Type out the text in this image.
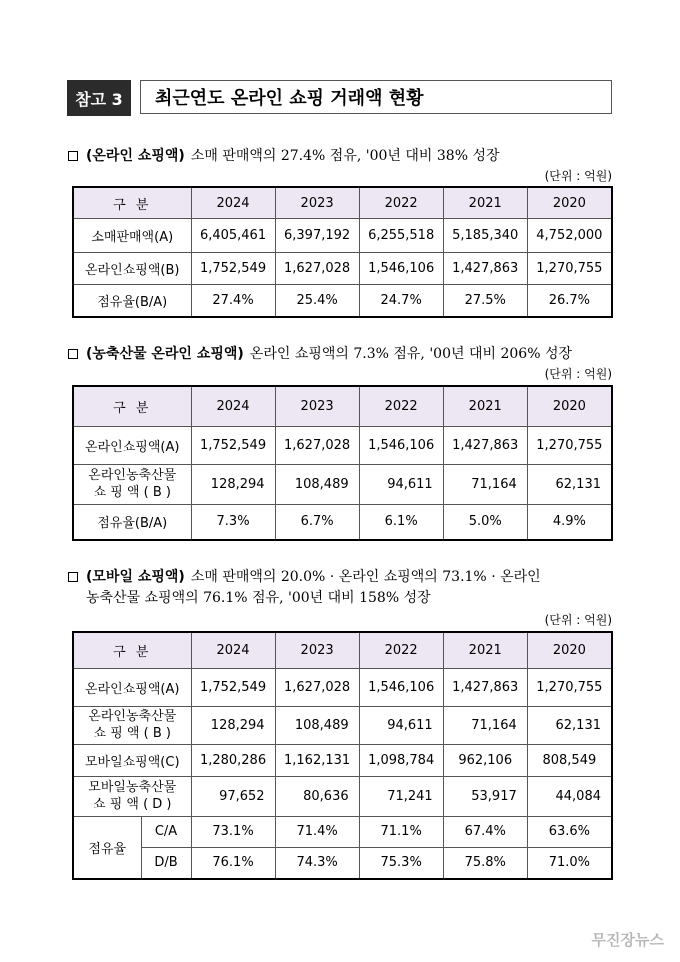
참고 3	최근연도 온라인 쇼핑 거래액 현황
(온라인 쇼핑액) 소매 판매액의 27.4% 점유, '00년 대비 38% 성장
(단위 : 억원)
구 분	2024	2023	2022	2021	2020
소매판매액(A)	6,405,461	6,397,192	6,255,518	5,185,340	4,752,000
온라인쇼핑액(B)	1,752,549	1,627,028	1,546,106	1,427,863	1,270,755
점유율(B/A)	27.4%	25.4%	24.7%	27.5%	26.7%
(농축산물 온라인 쇼핑액) 온라인 쇼핑액의 7.3% 점유, '00년 대비 206% 성장
(단위 : 억원)
구 분	2024	2023	2022	2021	2020
온라인쇼핑액(A)	1,752,549	1,627,028	1,546,106	1,427,863	1,270,755

온라인농축산물
쇼 핑 액 ( B )	128,294	108,489	94,611	71,164	62,131
점유율(B/A)	7.3%	6.7%	6.1%	5.0%	4.9%
(모바일 쇼핑액) 소매 판매액의 20.0% · 온라인 쇼핑액의 73.1% · 온라인
농축산물 쇼핑액의 76.1% 점유, '00년 대비 158% 성장
(단위 : 억원)
구 분		2024	2023	2022	2021	2020
온라인쇼핑액(A)		1,752,549	1,627,028	1,546,106	1,427,863	1,270,755

온라인농축산물
쇼 핑 액 ( B )		128,294	108,489	94,611	71,164	62,131
모바일쇼핑액(C)		1,280,286	1,162,131	1,098,784	962,106	808,549

모바일농축산물
쇼 핑 액 ( D )		97,652	80,636	71,241	53,917	44,084
점유율	C/A	73.1%	71.4%	71.1%	67.4%	63.6%
	D/B	76.1%	74.3%	75.3%	75.8%	71.0%
무진장뉴스
